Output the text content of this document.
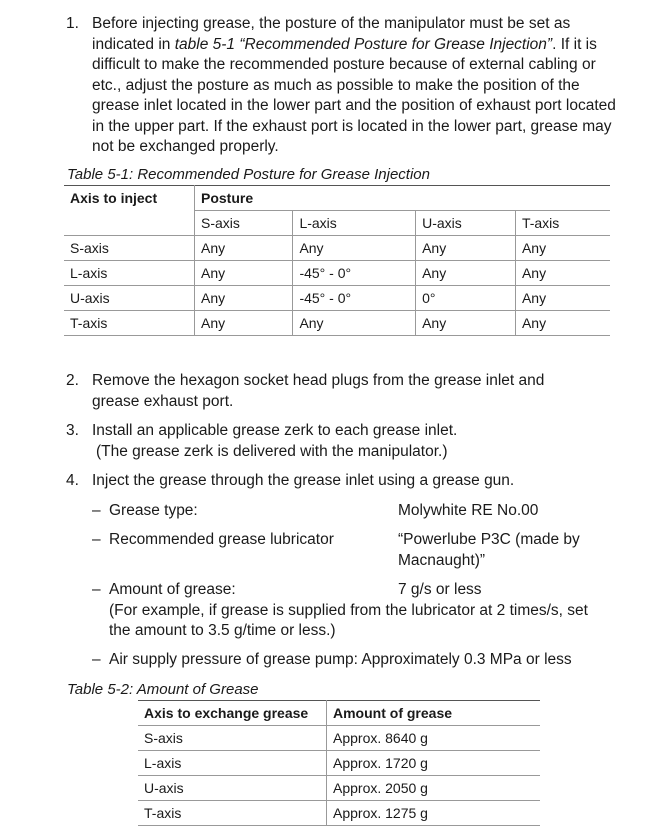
1. Before injecting grease, the posture of the manipulator must be set as indicated in table 5-1 “Recommended Posture for Grease Injection”. If it is difficult to make the recommended posture because of external cabling or etc., adjust the posture as much as possible to make the position of the grease inlet located in the lower part and the position of exhaust port located in the upper part. If the exhaust port is located in the lower part, grease may not be exchanged properly.
Table 5-1: Recommended Posture for Grease Injection
Axis to inject	Posture			
	S-axis	L-axis	U-axis	T-axis
S-axis	Any	Any	Any	Any
L-axis	Any	-45° - 0°	Any	Any
U-axis	Any	-45° - 0°	0°	Any
T-axis	Any	Any	Any	Any
2. Remove the hexagon socket head plugs from the grease inlet and grease exhaust port.
3. Install an applicable grease zerk to each grease inlet.
(The grease zerk is delivered with the manipulator.)
4. Inject the grease through the grease inlet using a grease gun.
– Grease type:	Molywhite RE No.00
– Recommended grease lubricator	“Powerlube P3C (made by Macnaught)”
– Amount of grease:	7 g/s or less
(For example, if grease is supplied from the lubricator at 2 times/s, set the amount to 3.5 g/time or less.)
– Air supply pressure of grease pump: Approximately 0.3 MPa or less
Table 5-2: Amount of Grease
Axis to exchange grease	Amount of grease
S-axis	Approx. 8640 g
L-axis	Approx. 1720 g
U-axis	Approx. 2050 g
T-axis	Approx. 1275 g
